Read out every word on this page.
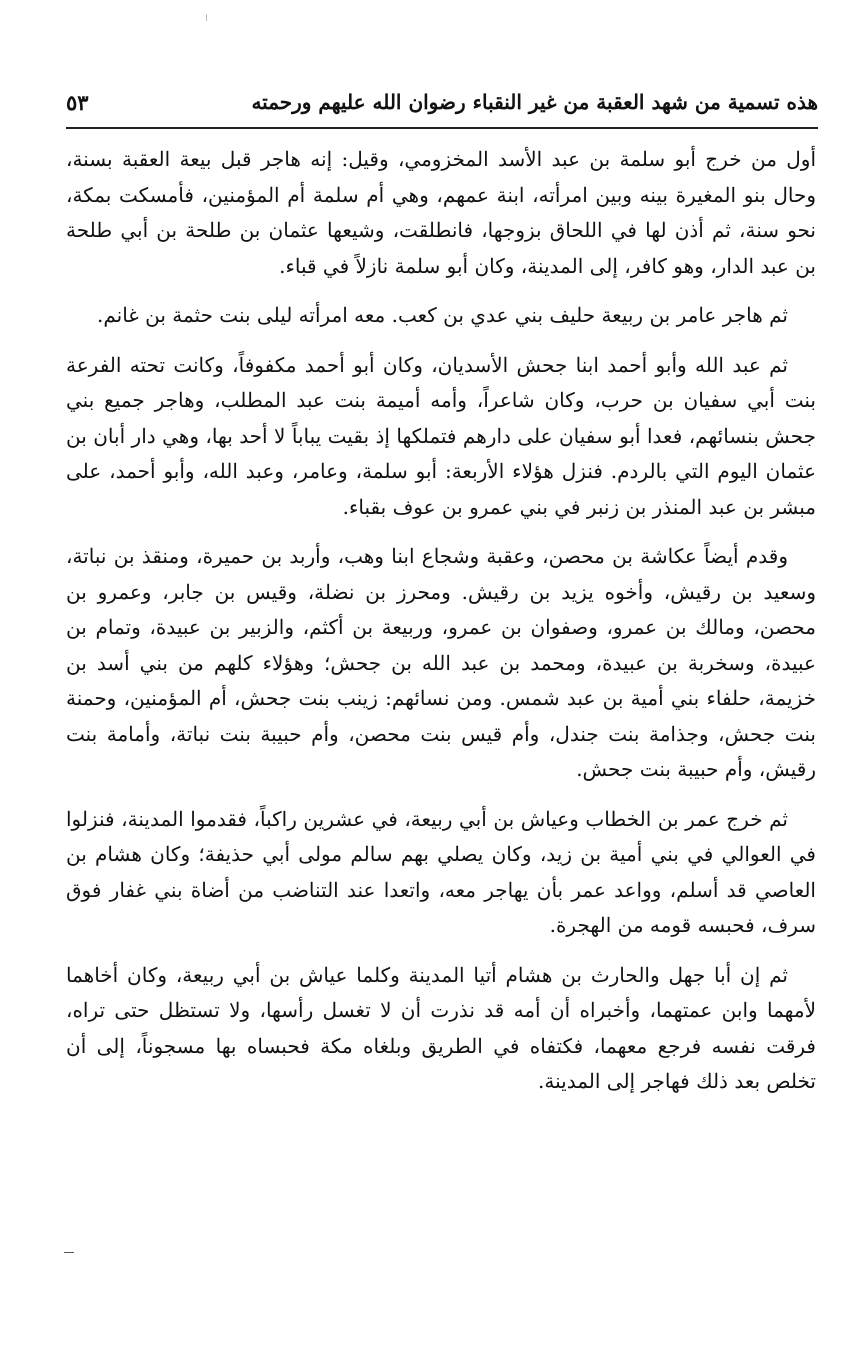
هذه تسمية من شهد العقبة من غير النقباء رضوان الله عليهم ورحمته
٥٣

أول من خرج أبو سلمة بن عبد الأسد المخزومي، وقيل: إنه هاجر قبل بيعة العقبة بسنة، وحال بنو المغيرة بينه وبين امرأته، ابنة عمهم، وهي أم سلمة أم المؤمنين، فأمسكت بمكة، نحو سنة، ثم أذن لها في اللحاق بزوجها، فانطلقت، وشيعها عثمان بن طلحة بن أبي طلحة بن عبد الدار، وهو كافر، إلى المدينة، وكان أبو سلمة نازلاً في قباء.

ثم هاجر عامر بن ربيعة حليف بني عدي بن كعب. معه امرأته ليلى بنت حثمة بن غانم.

ثم عبد الله وأبو أحمد ابنا جحش الأسديان، وكان أبو أحمد مكفوفاً، وكانت تحته الفرعة بنت أبي سفيان بن حرب، وكان شاعراً، وأمه أميمة بنت عبد المطلب، وهاجر جميع بني جحش بنسائهم، فعدا أبو سفيان على دارهم فتملكها إذ بقيت يباباً لا أحد بها، وهي دار أبان بن عثمان اليوم التي بالردم. فنزل هؤلاء الأربعة: أبو سلمة، وعامر، وعبد الله، وأبو أحمد، على مبشر بن عبد المنذر بن زنبر في بني عمرو بن عوف بقباء.

وقدم أيضاً عكاشة بن محصن، وعقبة وشجاع ابنا وهب، وأربد بن حميرة، ومنقذ بن نباتة، وسعيد بن رقيش، وأخوه يزيد بن رقيش. ومحرز بن نضلة، وقيس بن جابر، وعمرو بن محصن، ومالك بن عمرو، وصفوان بن عمرو، وربيعة بن أكثم، والزبير بن عبيدة، وتمام بن عبيدة، وسخربة بن عبيدة، ومحمد بن عبد الله بن جحش؛ وهؤلاء كلهم من بني أسد بن خزيمة، حلفاء بني أمية بن عبد شمس. ومن نسائهم: زينب بنت جحش، أم المؤمنين، وحمنة بنت جحش، وجذامة بنت جندل، وأم قيس بنت محصن، وأم حبيبة بنت نباتة، وأمامة بنت رقيش، وأم حبيبة بنت جحش.

ثم خرج عمر بن الخطاب وعياش بن أبي ربيعة، في عشرين راكباً، فقدموا المدينة، فنزلوا في العوالي في بني أمية بن زيد، وكان يصلي بهم سالم مولى أبي حذيفة؛ وكان هشام بن العاصي قد أسلم، وواعد عمر بأن يهاجر معه، واتعدا عند التناضب من أضاة بني غفار فوق سرف، فحبسه قومه من الهجرة.

ثم إن أبا جهل والحارث بن هشام أتيا المدينة وكلما عياش بن أبي ربيعة، وكان أخاهما لأمهما وابن عمتهما، وأخبراه أن أمه قد نذرت أن لا تغسل رأسها، ولا تستظل حتى تراه، فرقت نفسه فرجع معهما، فكتفاه في الطريق وبلغاه مكة فحبساه بها مسجوناً، إلى أن تخلص بعد ذلك فهاجر إلى المدينة.
